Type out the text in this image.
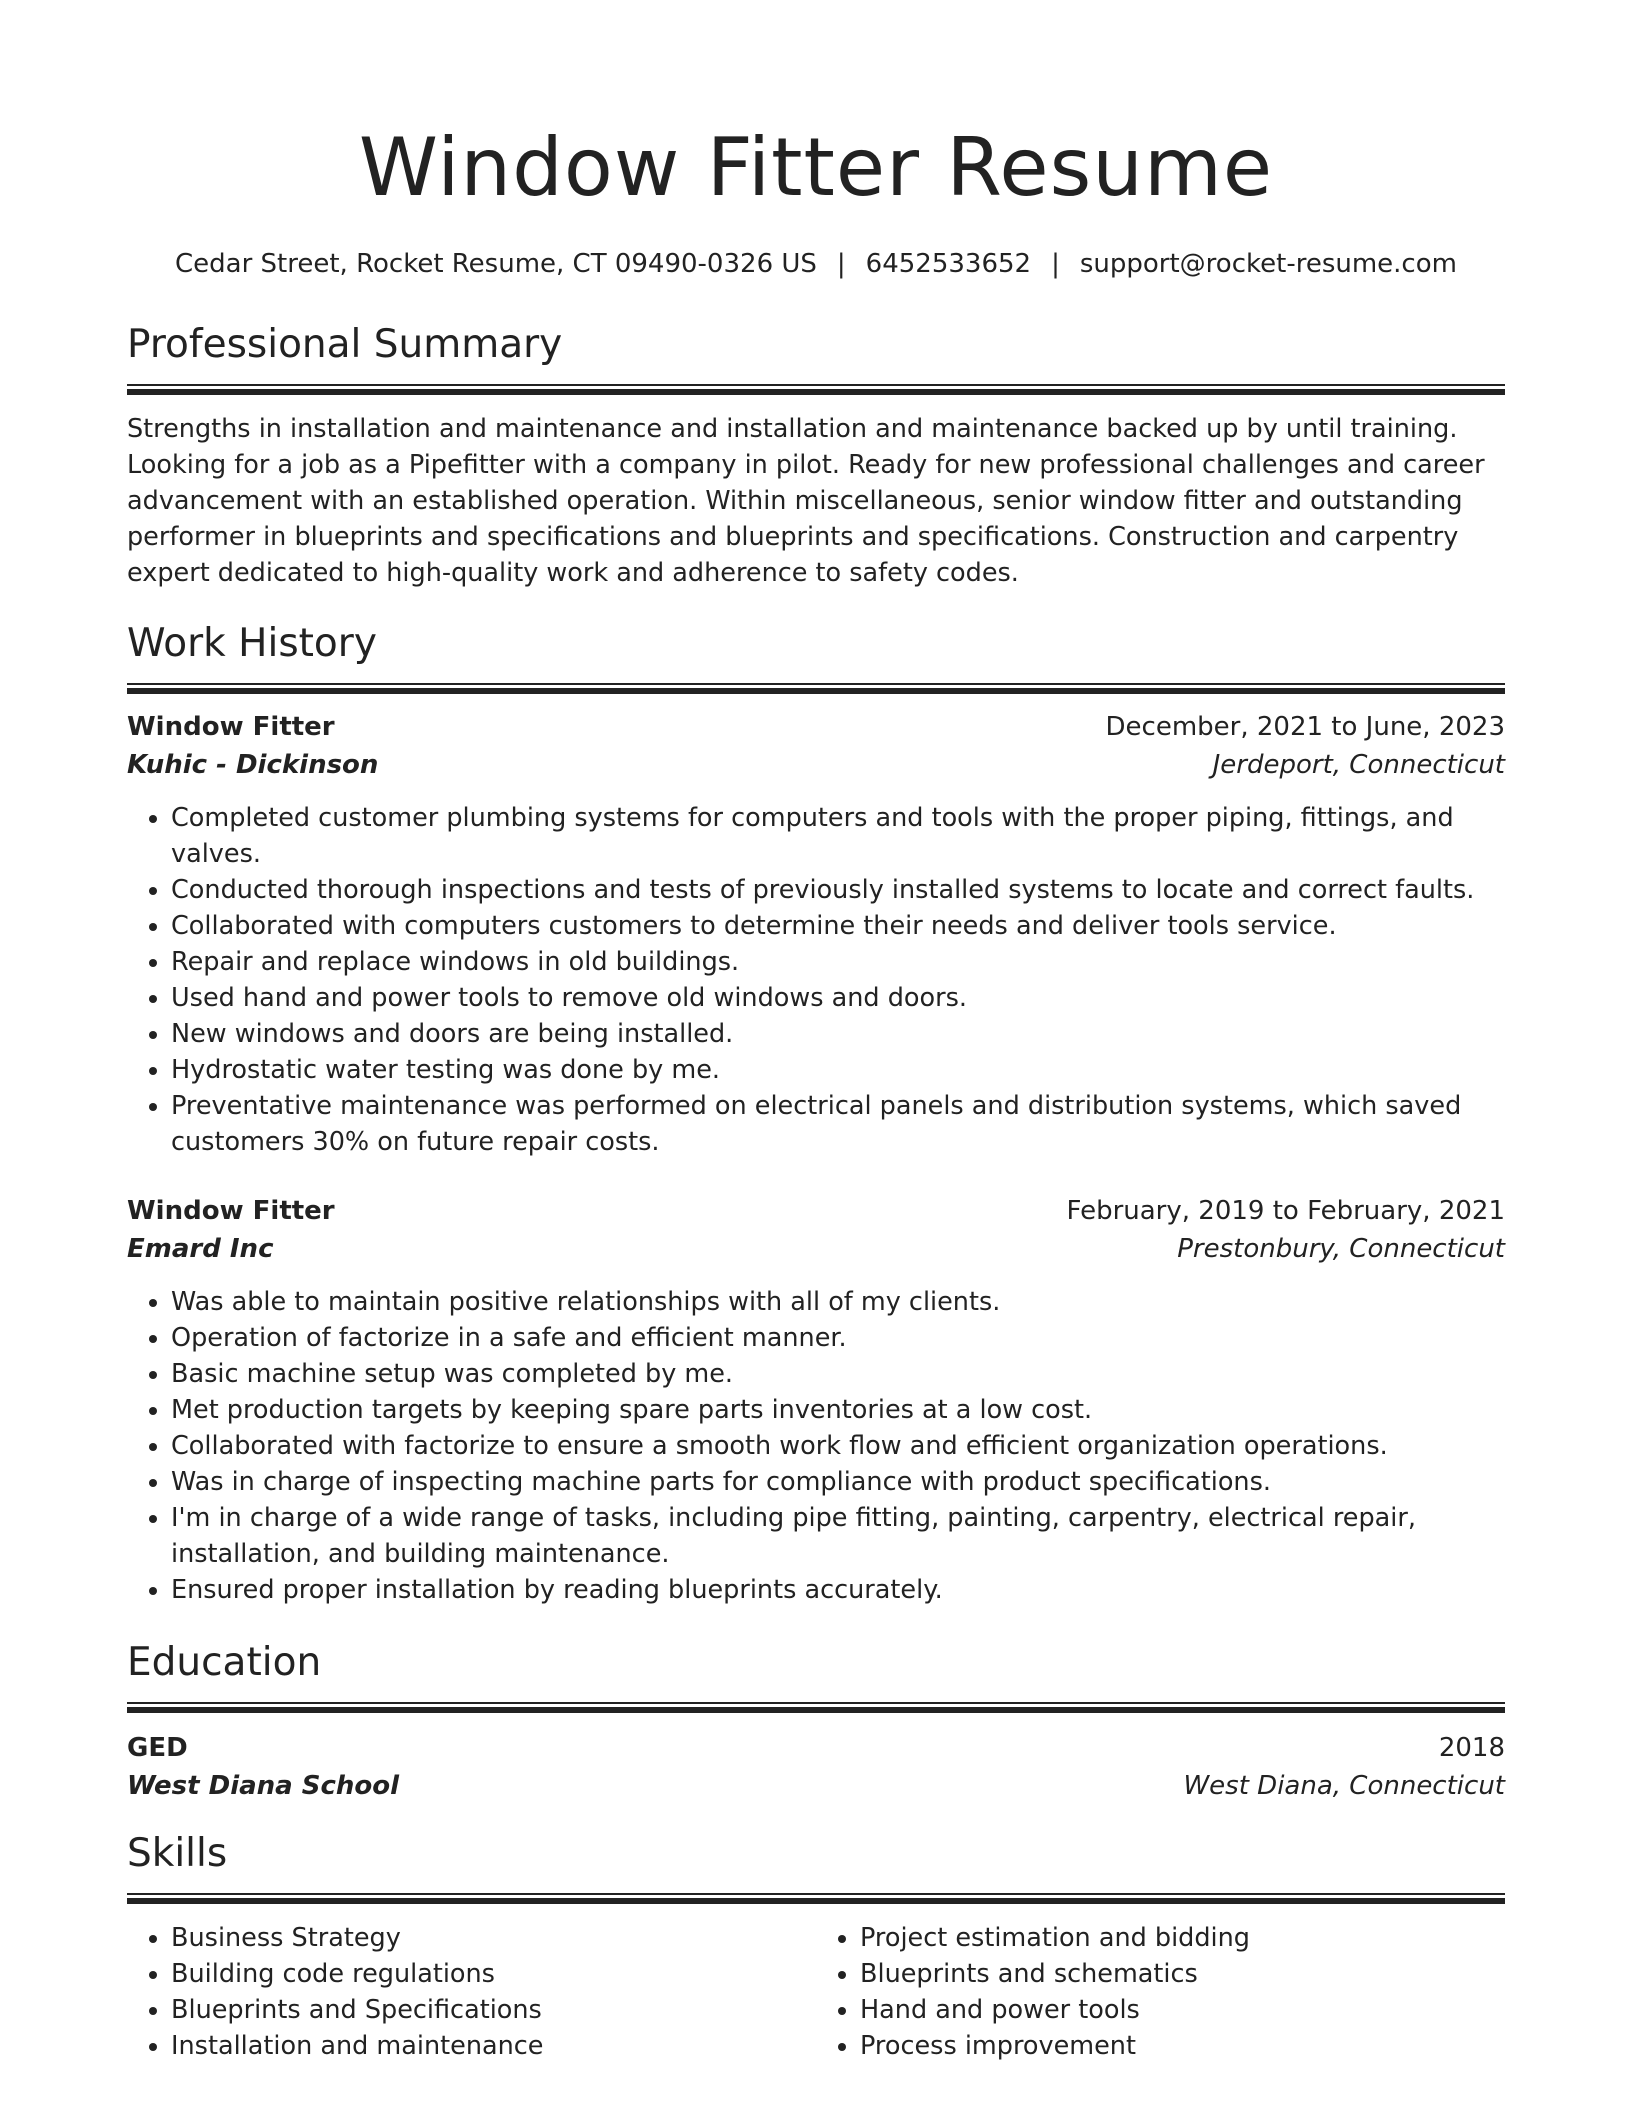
Window Fitter Resume
Cedar Street, Rocket Resume, CT 09490-0326 US | 6452533652 | support@rocket-resume.com
Professional Summary
Strengths in installation and maintenance and installation and maintenance backed up by until training. Looking for a job as a Pipefitter with a company in pilot. Ready for new professional challenges and career advancement with an established operation. Within miscellaneous, senior window fitter and outstanding performer in blueprints and specifications and blueprints and specifications. Construction and carpentry expert dedicated to high-quality work and adherence to safety codes.
Work History
Window Fitter	December, 2021 to June, 2023
Kuhic - Dickinson	Jerdeport, Connecticut
• Completed customer plumbing systems for computers and tools with the proper piping, fittings, and valves.
• Conducted thorough inspections and tests of previously installed systems to locate and correct faults.
• Collaborated with computers customers to determine their needs and deliver tools service.
• Repair and replace windows in old buildings.
• Used hand and power tools to remove old windows and doors.
• New windows and doors are being installed.
• Hydrostatic water testing was done by me.
• Preventative maintenance was performed on electrical panels and distribution systems, which saved customers 30% on future repair costs.
Window Fitter	February, 2019 to February, 2021
Emard Inc	Prestonbury, Connecticut
• Was able to maintain positive relationships with all of my clients.
• Operation of factorize in a safe and efficient manner.
• Basic machine setup was completed by me.
• Met production targets by keeping spare parts inventories at a low cost.
• Collaborated with factorize to ensure a smooth work flow and efficient organization operations.
• Was in charge of inspecting machine parts for compliance with product specifications.
• I'm in charge of a wide range of tasks, including pipe fitting, painting, carpentry, electrical repair, installation, and building maintenance.
• Ensured proper installation by reading blueprints accurately.
Education
GED	2018
West Diana School	West Diana, Connecticut
Skills
• Business Strategy
• Building code regulations
• Blueprints and Specifications
• Installation and maintenance
• Project estimation and bidding
• Blueprints and schematics
• Hand and power tools
• Process improvement
